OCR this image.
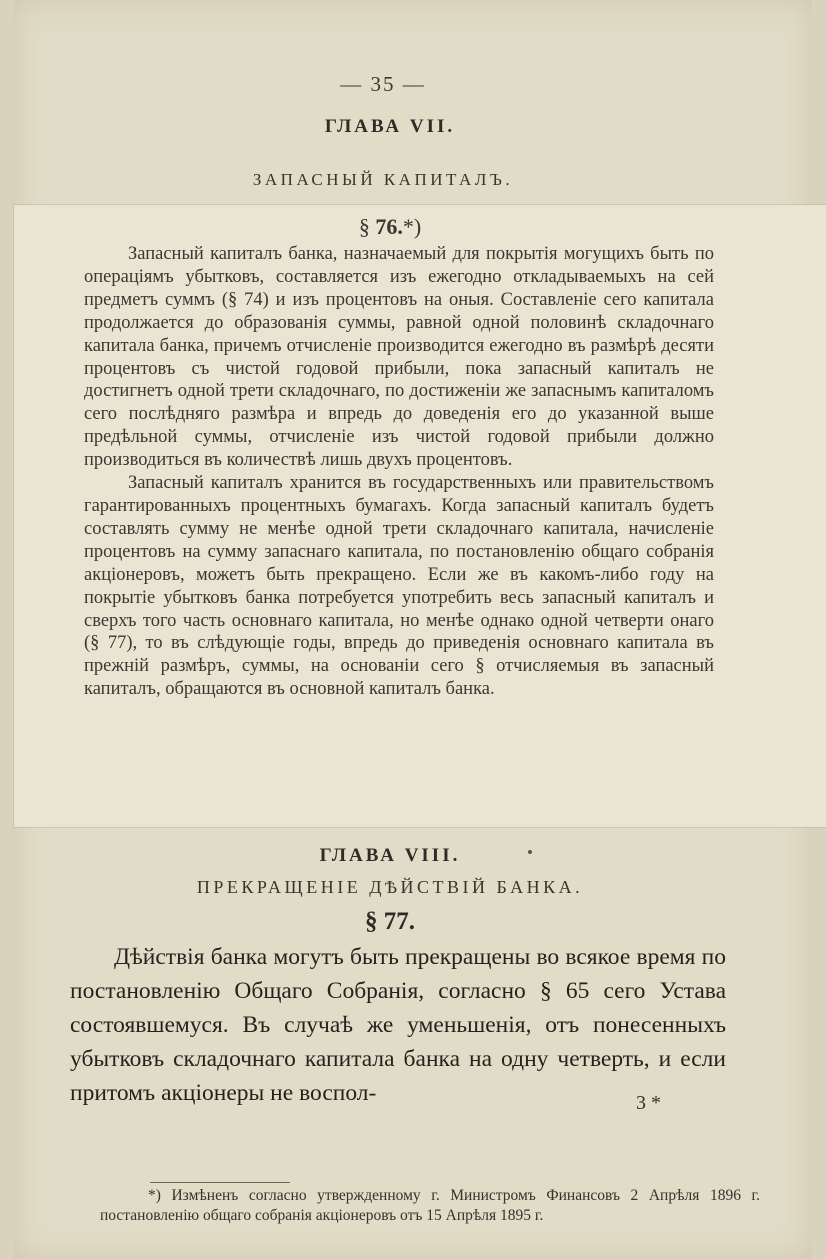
— 35 —
ГЛАВА VII.
ЗАПАСНЫЙ КАПИТАЛЪ.
§ 76.*)

Запасный капиталъ банка, назначаемый для покрытія могущихъ быть по операціямъ убытковъ, составляется изъ ежегодно откладываемыхъ на сей предметъ суммъ (§ 74) и изъ процентовъ на оныя. Составленіе сего капитала продолжается до образованія суммы, равной одной половинѣ складочнаго капитала банка, причемъ отчисленіе производится ежегодно въ размѣрѣ десяти процентовъ съ чистой годовой прибыли, пока запасный капиталъ не достигнетъ одной трети складочнаго, по достиженіи же запаснымъ капиталомъ сего послѣдняго размѣра и впредь до доведенія его до указанной выше предѣльной суммы, отчисленіе изъ чистой годовой прибыли должно производиться въ количествѣ лишь двухъ процентовъ.

Запасный капиталъ хранится въ государственныхъ или правительствомъ гарантированныхъ процентныхъ бумагахъ. Когда запасный капиталъ будетъ составлять сумму не менѣе одной трети складочнаго капитала, начисленіе процентовъ на сумму запаснаго капитала, по постановленію общаго собранія акціонеровъ, можетъ быть прекращено. Если же въ какомъ-либо году на покрытіе убытковъ банка потребуется употребить весь запасный капиталъ и сверхъ того часть основнаго капитала, но менѣе однако одной четверти онаго (§ 77), то въ слѣдующіе годы, впредь до приведенія основнаго капитала въ прежній размѣръ, суммы, на основаніи сего § отчисляемыя въ запасный капиталъ, обращаются въ основной капиталъ банка.

ГЛАВА VIII.
ПРЕКРАЩЕНІЕ ДѢЙСТВІЙ БАНКА.
§ 77.

Дѣйствія банка могутъ быть прекращены во всякое время по постановленію Общаго Собранія, согласно § 65 сего Устава состоявшемуся. Въ случаѣ же уменьшенія, отъ понесенныхъ убытковъ складочнаго капитала банка на одну четверть, и если притомъ акціонеры не воспол-	3 *

*) Измѣненъ согласно утвержденному г. Министромъ Финансовъ 2 Апрѣля 1896 г. постановленію общаго собранія акціонеровъ отъ 15 Апрѣля 1895 г.
